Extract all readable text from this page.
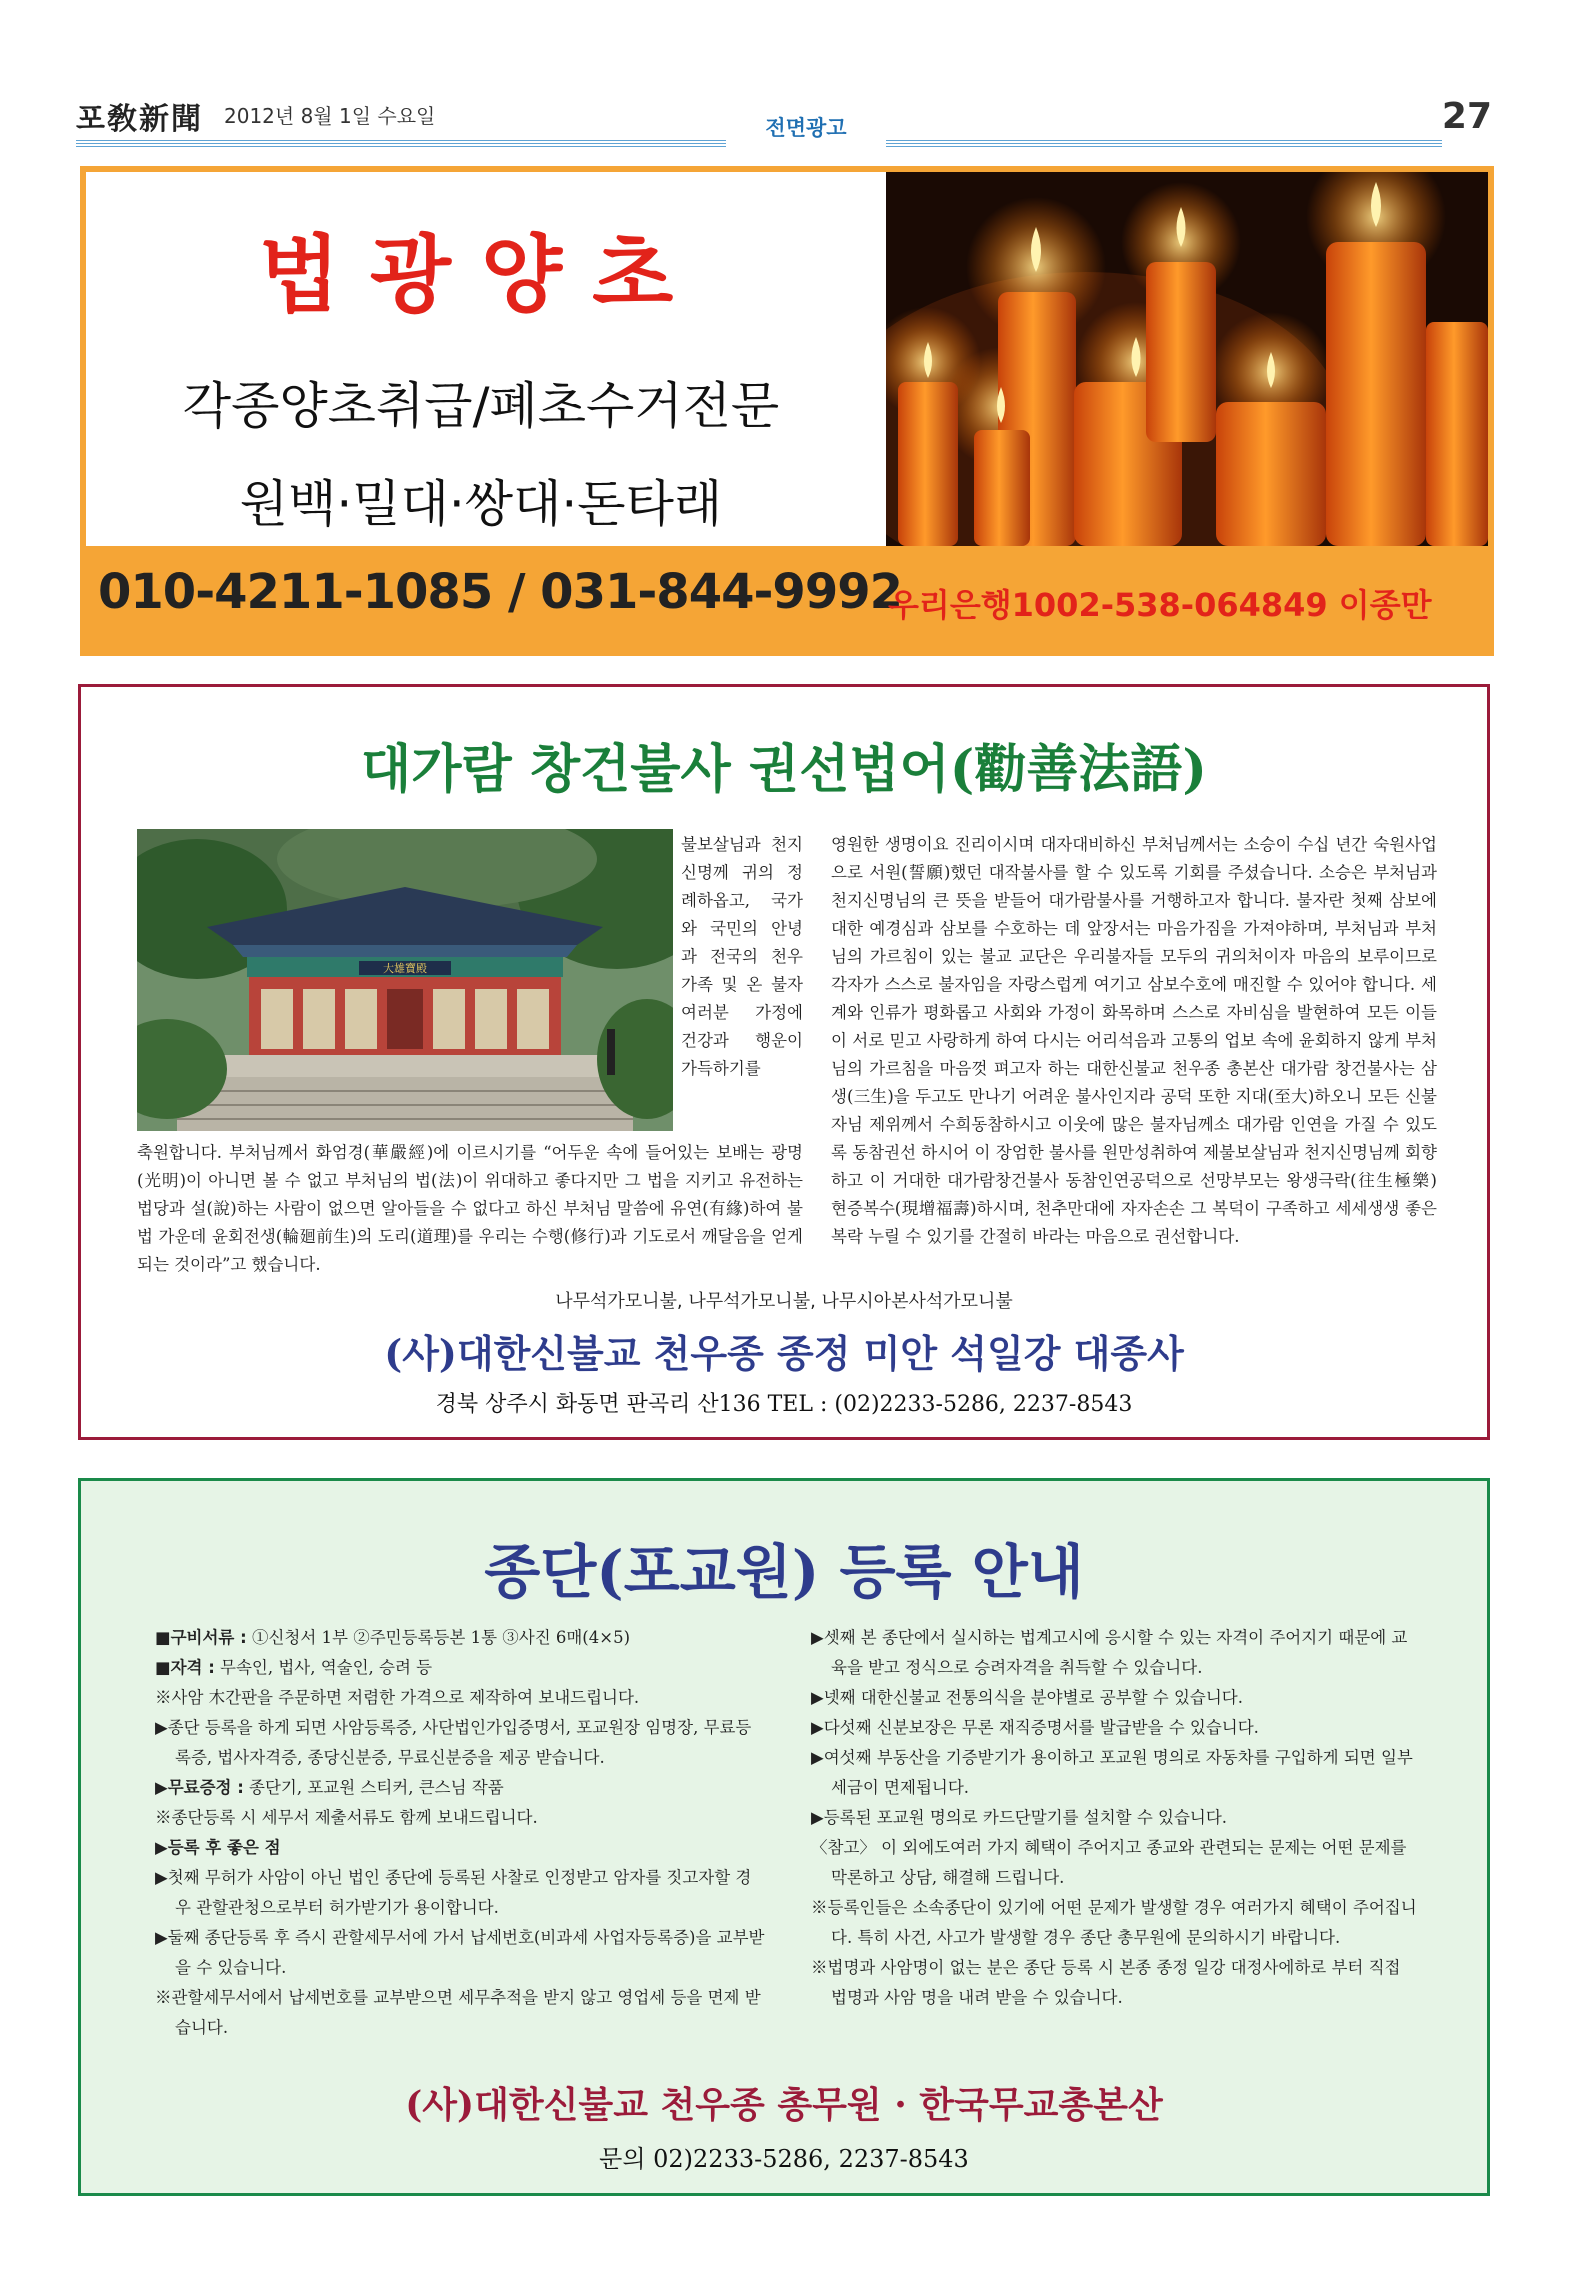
포敎新聞 2012년 8월 1일 수요일	전면광고	27
법광양초
각종양초취급/폐초수거전문
원백·밀대·쌍대·돈타래
010-4211-1085 / 031-844-9992
우리은행1002-538-064849 이종만
대가람 창건불사 권선법어(勸善法語)
大雄寶殿
불보살님과 천지신명께 귀의 정례하옵고, 국가와 국민의 안녕과 전국의 천우가족 및 온 불자여러분 가정에 건강과 행운이 가득하기를
축원합니다. 부처님께서 화엄경(華嚴經)에 이르시기를 “어두운 속에 들어있는 보배는 광명(光明)이 아니면 볼 수 없고 부처님의 법(法)이 위대하고 좋다지만 그 법을 지키고 유전하는 법당과 설(說)하는 사람이 없으면 알아들을 수 없다고 하신 부처님 말씀에 유연(有緣)하여 불법 가운데 윤회전생(輪廻前生)의 도리(道理)를 우리는 수행(修行)과 기도로서 깨달음을 얻게 되는 것이라”고 했습니다.
영원한 생명이요 진리이시며 대자대비하신 부처님께서는 소승이 수십 년간 숙원사업으로 서원(誓願)했던 대작불사를 할 수 있도록 기회를 주셨습니다. 소승은 부처님과 천지신명님의 큰 뜻을 받들어 대가람불사를 거행하고자 합니다. 불자란 첫째 삼보에 대한 예경심과 삼보를 수호하는 데 앞장서는 마음가짐을 가져야하며, 부처님과 부처님의 가르침이 있는 불교 교단은 우리불자들 모두의 귀의처이자 마음의 보루이므로 각자가 스스로 불자임을 자랑스럽게 여기고 삼보수호에 매진할 수 있어야 합니다. 세계와 인류가 평화롭고 사회와 가정이 화목하며 스스로 자비심을 발현하여 모든 이들이 서로 믿고 사랑하게 하여 다시는 어리석음과 고통의 업보 속에 윤회하지 않게 부처님의 가르침을 마음껏 펴고자 하는 대한신불교 천우종 총본산 대가람 창건불사는 삼생(三生)을 두고도 만나기 어려운 불사인지라 공덕 또한 지대(至大)하오니 모든 신불자님 제위께서 수희동참하시고 이웃에 많은 불자님께소 대가람 인연을 가질 수 있도록 동참권선 하시어 이 장엄한 불사를 원만성취하여 제불보살님과 천지신명님께 회향하고 이 거대한 대가람창건불사 동참인연공덕으로 선망부모는 왕생극락(往生極樂) 현증복수(現增福壽)하시며, 천추만대에 자자손손 그 복덕이 구족하고 세세생생 좋은 복락 누릴 수 있기를 간절히 바라는 마음으로 권선합니다.
나무석가모니불, 나무석가모니불, 나무시아본사석가모니불
(사)대한신불교 천우종 종정 미안 석일강 대종사
경북 상주시 화동면 판곡리 산136 TEL : (02)2233-5286, 2237-8543
종단(포교원) 등록 안내

■구비서류 : ①신청서 1부 ②주민등록등본 1통 ③사진 6매(4×5)

■자격 : 무속인, 법사, 역술인, 승려 등

※사암 木간판을 주문하면 저렴한 가격으로 제작하여 보내드립니다.

▶종단 등록을 하게 되면 사암등록증, 사단법인가입증명서, 포교원장 임명장, 무료등록증, 법사자격증, 종당신분증, 무료신분증을 제공 받습니다.

▶무료증정 : 종단기, 포교원 스티커, 큰스님 작품

※종단등록 시 세무서 제출서류도 함께 보내드립니다.

▶등록 후 좋은 점

▶첫째 무허가 사암이 아닌 법인 종단에 등록된 사찰로 인정받고 암자를 짓고자할 경우 관할관청으로부터 허가받기가 용이합니다.

▶둘째 종단등록 후 즉시 관할세무서에 가서 납세번호(비과세 사업자등록증)을 교부받을 수 있습니다.

※관할세무서에서 납세번호를 교부받으면 세무추적을 받지 않고 영업세 등을 면제 받습니다.

▶셋째 본 종단에서 실시하는 법계고시에 응시할 수 있는 자격이 주어지기 때문에 교육을 받고 정식으로 승려자격을 취득할 수 있습니다.

▶넷째 대한신불교 전통의식을 분야별로 공부할 수 있습니다.

▶다섯째 신분보장은 무론 재직증명서를 발급받을 수 있습니다.

▶여섯째 부동산을 기증받기가 용이하고 포교원 명의로 자동차를 구입하게 되면 일부 세금이 면제됩니다.

▶등록된 포교원 명의로 카드단말기를 설치할 수 있습니다.

〈참고〉 이 외에도여러 가지 혜택이 주어지고 종교와 관련되는 문제는 어떤 문제를 막론하고 상담, 해결해 드립니다.

※등록인들은 소속종단이 있기에 어떤 문제가 발생할 경우 여러가지 혜택이 주어집니다. 특히 사건, 사고가 발생할 경우 종단 총무원에 문의하시기 바랍니다.

※법명과 사암명이 없는 분은 종단 등록 시 본종 종정 일강 대정사에하로 부터 직접 법명과 사암 명을 내려 받을 수 있습니다.

(사)대한신불교 천우종 총무원 · 한국무교총본산
문의 02)2233-5286, 2237-8543
